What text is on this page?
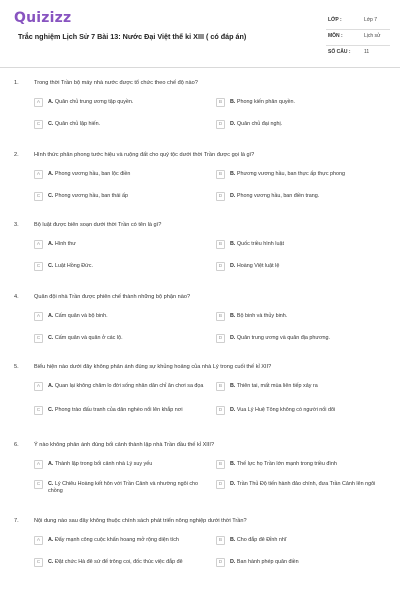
Quizizz
Trắc nghiệm Lịch Sử 7 Bài 13: Nước Đại Việt thế kỉ XIII ( có đáp án)
LỚP :	Lớp 7
MÔN :	Lịch sử
SỐ CÂU :	11
1.	Trong thời Trần bộ máy nhà nước được tổ chức theo chế độ nào?
A	A. Quân chủ trung ương tập quyền.	B	B. Phong kiến phân quyền.
C	C. Quân chủ lập hiến.	D	D. Quân chủ đại nghị.
2.	Hình thức phân phong tước hiệu và ruộng đất cho quý tộc dưới thời Trần được gọi là gì?
A	A. Phong vương hầu, ban lộc điền	B	B. Phương vương hầu, ban thực ấp thực phong
C	C. Phong vương hầu, ban thái ấp	D	D. Phong vương hầu, ban điền trang.
3.	Bộ luật được biên soạn dưới thời Trần có tên là gì?
A	A. Hình thư	B	B. Quốc triều hình luật
C	C. Luật Hồng Đức.	D	D. Hoàng Việt luật lệ
4.	Quân đội nhà Trần được phiên chế thành những bộ phận nào?
A	A. Cấm quân và bộ binh.	B	B. Bộ binh và thủy binh.
C	C. Cấm quân và quân ở các lộ.	D	D. Quân trung ương và quân địa phương.
5.	Biểu hiện nào dưới đây không phản ánh đúng sự khủng hoảng của nhà Lý trong cuối thế kỉ XII?
A	A. Quan lại không chăm lo đời sống nhân dân chỉ ăn chơi sa đọa	B	B. Thiên tai, mất mùa liên tiếp xảy ra
C	C. Phong trào đấu tranh của dân nghèo nổi lên khắp nơi	D	D. Vua Lý Huệ Tông không có người nối dõi
6.	Ý nào không phản ánh đúng bối cảnh thành lập nhà Trần đầu thế kỉ XIII?
A	A. Thành lập trong bối cảnh nhà Lý suy yếu	B	B. Thế lực họ Trần lớn mạnh trong triều đình
C	C. Lý Chiêu Hoàng kết hôn với Trần Cảnh và nhường ngôi cho chồng
D	D. Trần Thủ Độ tiến hành đảo chính, đưa Trần Cảnh lên ngôi
7.	Nội dung nào sau đây không thuộc chính sách phát triển nông nghiệp dưới thời Trần?
A	A. Đẩy mạnh công cuộc khẩn hoang mở rộng diện tích	B	B. Cho đắp đê Đỉnh nhĩ
C	C. Đặt chức Hà đê sứ để trông coi, đốc thúc việc đắp đê	D	D. Ban hành phép quân điền
